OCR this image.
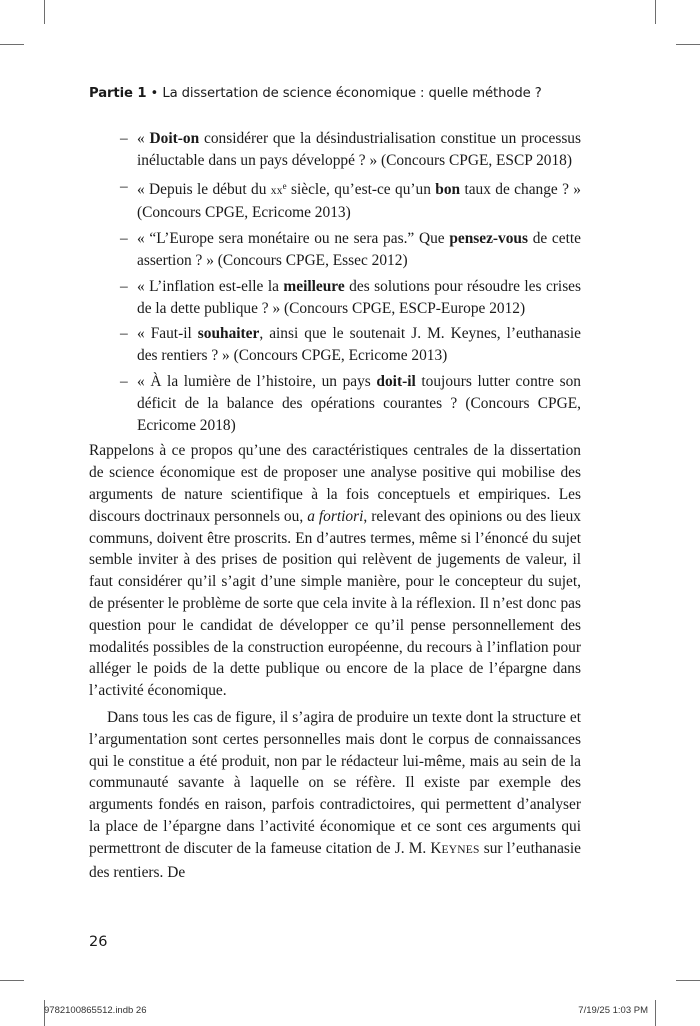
Partie 1 • La dissertation de science économique : quelle méthode ?
– « Doit-on considérer que la désindustrialisation constitue un processus inéluctable dans un pays développé ? » (Concours CPGE, ESCP 2018)
– « Depuis le début du $xx^e$ siècle, qu’est-ce qu’un bon taux de change ? » (Concours CPGE, Ecricome 2013)
– « “L’Europe sera monétaire ou ne sera pas.” Que pensez-vous de cette assertion ? » (Concours CPGE, Essec 2012)
– « L’inflation est-elle la meilleure des solutions pour résoudre les crises de la dette publique ? » (Concours CPGE, ESCP-Europe 2012)
– « Faut-il souhaiter, ainsi que le soutenait J. M. Keynes, l’euthanasie des rentiers ? » (Concours CPGE, Ecricome 2013)
– « À la lumière de l’histoire, un pays doit-il toujours lutter contre son déficit de la balance des opérations courantes ? (Concours CPGE, Ecricome 2018)

Rappelons à ce propos qu’une des caractéristiques centrales de la dissertation de science économique est de proposer une analyse positive qui mobilise des arguments de nature scientifique à la fois conceptuels et empiriques. Les discours doctrinaux personnels ou, a fortiori, relevant des opinions ou des lieux communs, doivent être proscrits. En d’autres termes, même si l’énoncé du sujet semble inviter à des prises de position qui relèvent de jugements de valeur, il faut considérer qu’il s’agit d’une simple manière, pour le concepteur du sujet, de présenter le problème de sorte que cela invite à la réflexion. Il n’est donc pas question pour le candidat de développer ce qu’il pense personnellement des modalités possibles de la construction européenne, du recours à l’inflation pour alléger le poids de la dette publique ou encore de la place de l’épargne dans l’activité économique.

Dans tous les cas de figure, il s’agira de produire un texte dont la structure et l’argumentation sont certes personnelles mais dont le corpus de connaissances qui le constitue a été produit, non par le rédacteur lui-même, mais au sein de la communauté savante à laquelle on se réfère. Il existe par exemple des arguments fondés en raison, parfois contradictoires, qui permettent d’analyser la place de l’épargne dans l’activité économique et ce sont ces arguments qui permettront de discuter de la fameuse citation de J. M. KEYNES sur l’euthanasie des rentiers. De

26
9782100865512.indb 26	7/19/25 1:03 PM
